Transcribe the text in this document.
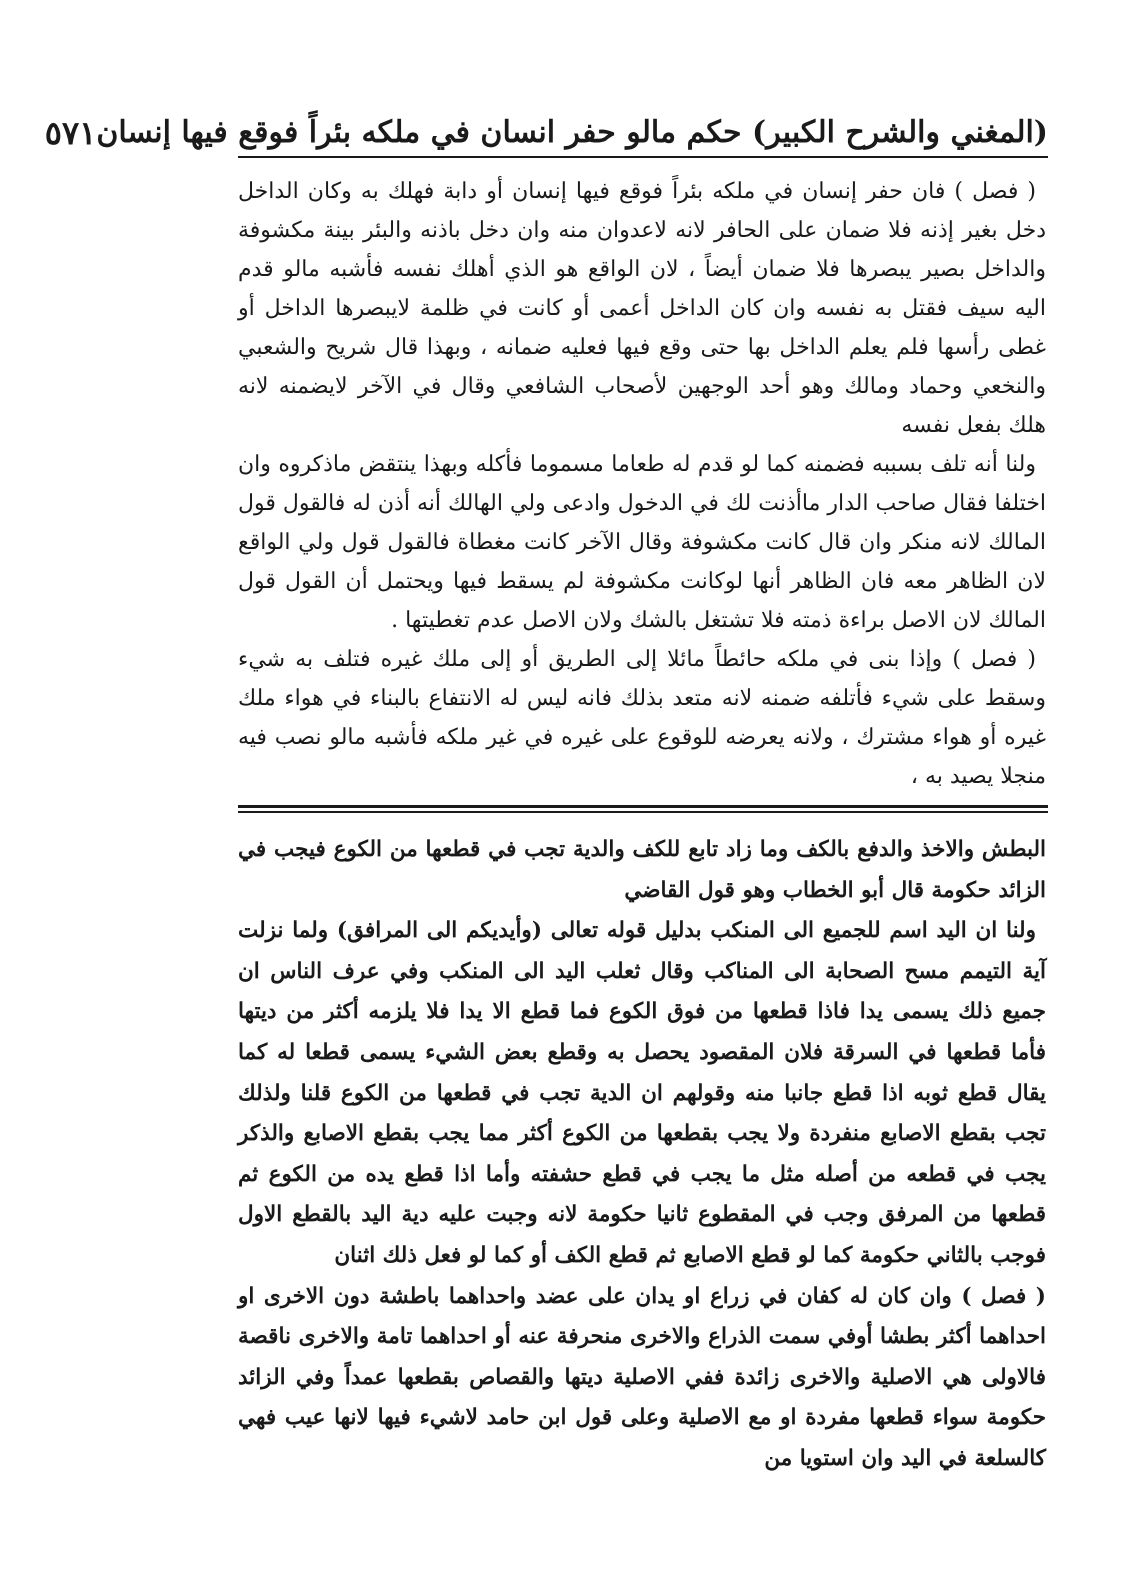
(المغني والشرح الكبير) حكم مالو حفر انسان في ملكه بئراً فوقع فيها إنسان
٥٧١

( فصل ) فان حفر إنسان في ملكه بئراً فوقع فيها إنسان أو دابة فهلك به وكان الداخل دخل بغير إذنه فلا ضمان على الحافر لانه لاعدوان منه وان دخل باذنه والبئر بينة مكشوفة والداخل بصير يبصرها فلا ضمان أيضاً ، لان الواقع هو الذي أهلك نفسه فأشبه مالو قدم اليه سيف فقتل به نفسه وان كان الداخل أعمى أو كانت في ظلمة لايبصرها الداخل أو غطى رأسها فلم يعلم الداخل بها حتى وقع فيها فعليه ضمانه ، وبهذا قال شريح والشعبي والنخعي وحماد ومالك وهو أحد الوجهين لأصحاب الشافعي وقال في الآخر لايضمنه لانه هلك بفعل نفسه

ولنا أنه تلف بسببه فضمنه كما لو قدم له طعاما مسموما فأكله وبهذا ينتقض ماذكروه وان اختلفا فقال صاحب الدار ماأذنت لك في الدخول وادعى ولي الهالك أنه أذن له فالقول قول المالك لانه منكر وان قال كانت مكشوفة وقال الآخر كانت مغطاة فالقول قول ولي الواقع لان الظاهر معه فان الظاهر أنها لوكانت مكشوفة لم يسقط فيها ويحتمل أن القول قول المالك لان الاصل براءة ذمته فلا تشتغل بالشك ولان الاصل عدم تغطيتها .

( فصل ) وإذا بنى في ملكه حائطاً مائلا إلى الطريق أو إلى ملك غيره فتلف به شيء وسقط على شيء فأتلفه ضمنه لانه متعد بذلك فانه ليس له الانتفاع بالبناء في هواء ملك غيره أو هواء مشترك ، ولانه يعرضه للوقوع على غيره في غير ملكه فأشبه مالو نصب فيه منجلا يصيد به ،

البطش والاخذ والدفع بالكف وما زاد تابع للكف والدية تجب في قطعها من الكوع فيجب في الزائد حكومة قال أبو الخطاب وهو قول القاضي

ولنا ان اليد اسم للجميع الى المنكب بدليل قوله تعالى (وأيديكم الى المرافق) ولما نزلت آية التيمم مسح الصحابة الى المناكب وقال ثعلب اليد الى المنكب وفي عرف الناس ان جميع ذلك يسمى يدا فاذا قطعها من فوق الكوع فما قطع الا يدا فلا يلزمه أكثر من ديتها فأما قطعها في السرقة فلان المقصود يحصل به وقطع بعض الشيء يسمى قطعا له كما يقال قطع ثوبه اذا قطع جانبا منه وقولهم ان الدية تجب في قطعها من الكوع قلنا ولذلك تجب بقطع الاصابع منفردة ولا يجب بقطعها من الكوع أكثر مما يجب بقطع الاصابع والذكر يجب في قطعه من أصله مثل ما يجب في قطع حشفته وأما اذا قطع يده من الكوع ثم قطعها من المرفق وجب في المقطوع ثانيا حكومة لانه وجبت عليه دية اليد بالقطع الاول فوجب بالثاني حكومة كما لو قطع الاصابع ثم قطع الكف أو كما لو فعل ذلك اثنان

( فصل ) وان كان له كفان في زراع او يدان على عضد واحداهما باطشة دون الاخرى او احداهما أكثر بطشا أوفي سمت الذراع والاخرى منحرفة عنه أو احداهما تامة والاخرى ناقصة فالاولى هي الاصلية والاخرى زائدة ففي الاصلية ديتها والقصاص بقطعها عمداً وفي الزائد حكومة سواء قطعها مفردة او مع الاصلية وعلى قول ابن حامد لاشيء فيها لانها عيب فهي كالسلعة في اليد وان استويا من
